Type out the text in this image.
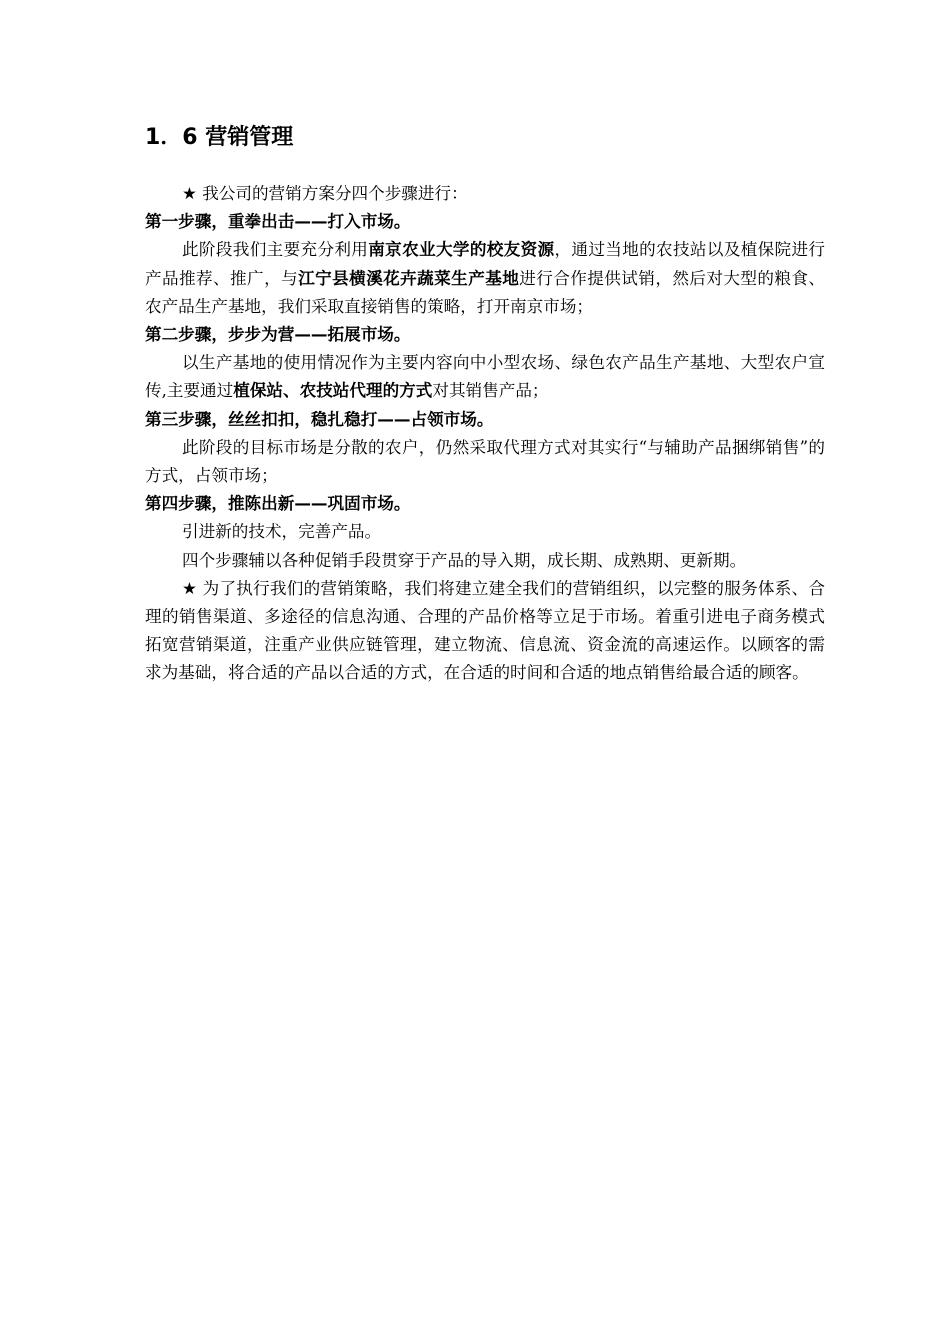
1．6 营销管理

★ 我公司的营销方案分四个步骤进行：

第一步骤，重拳出击——打入市场。

此阶段我们主要充分利用南京农业大学的校友资源，通过当地的农技站以及植保院进行产品推荐、推广，与江宁县横溪花卉蔬菜生产基地进行合作提供试销，然后对大型的粮食、农产品生产基地，我们采取直接销售的策略，打开南京市场；

第二步骤，步步为营——拓展市场。

以生产基地的使用情况作为主要内容向中小型农场、绿色农产品生产基地、大型农户宣传,主要通过植保站、农技站代理的方式对其销售产品；

第三步骤，丝丝扣扣，稳扎稳打——占领市场。

此阶段的目标市场是分散的农户，仍然采取代理方式对其实行“与辅助产品捆绑销售”的方式，占领市场；

第四步骤，推陈出新——巩固市场。

引进新的技术，完善产品。

四个步骤辅以各种促销手段贯穿于产品的导入期，成长期、成熟期、更新期。

★ 为了执行我们的营销策略，我们将建立建全我们的营销组织，以完整的服务体系、合理的销售渠道、多途径的信息沟通、合理的产品价格等立足于市场。着重引进电子商务模式拓宽营销渠道，注重产业供应链管理，建立物流、信息流、资金流的高速运作。以顾客的需求为基础，将合适的产品以合适的方式，在合适的时间和合适的地点销售给最合适的顾客。
